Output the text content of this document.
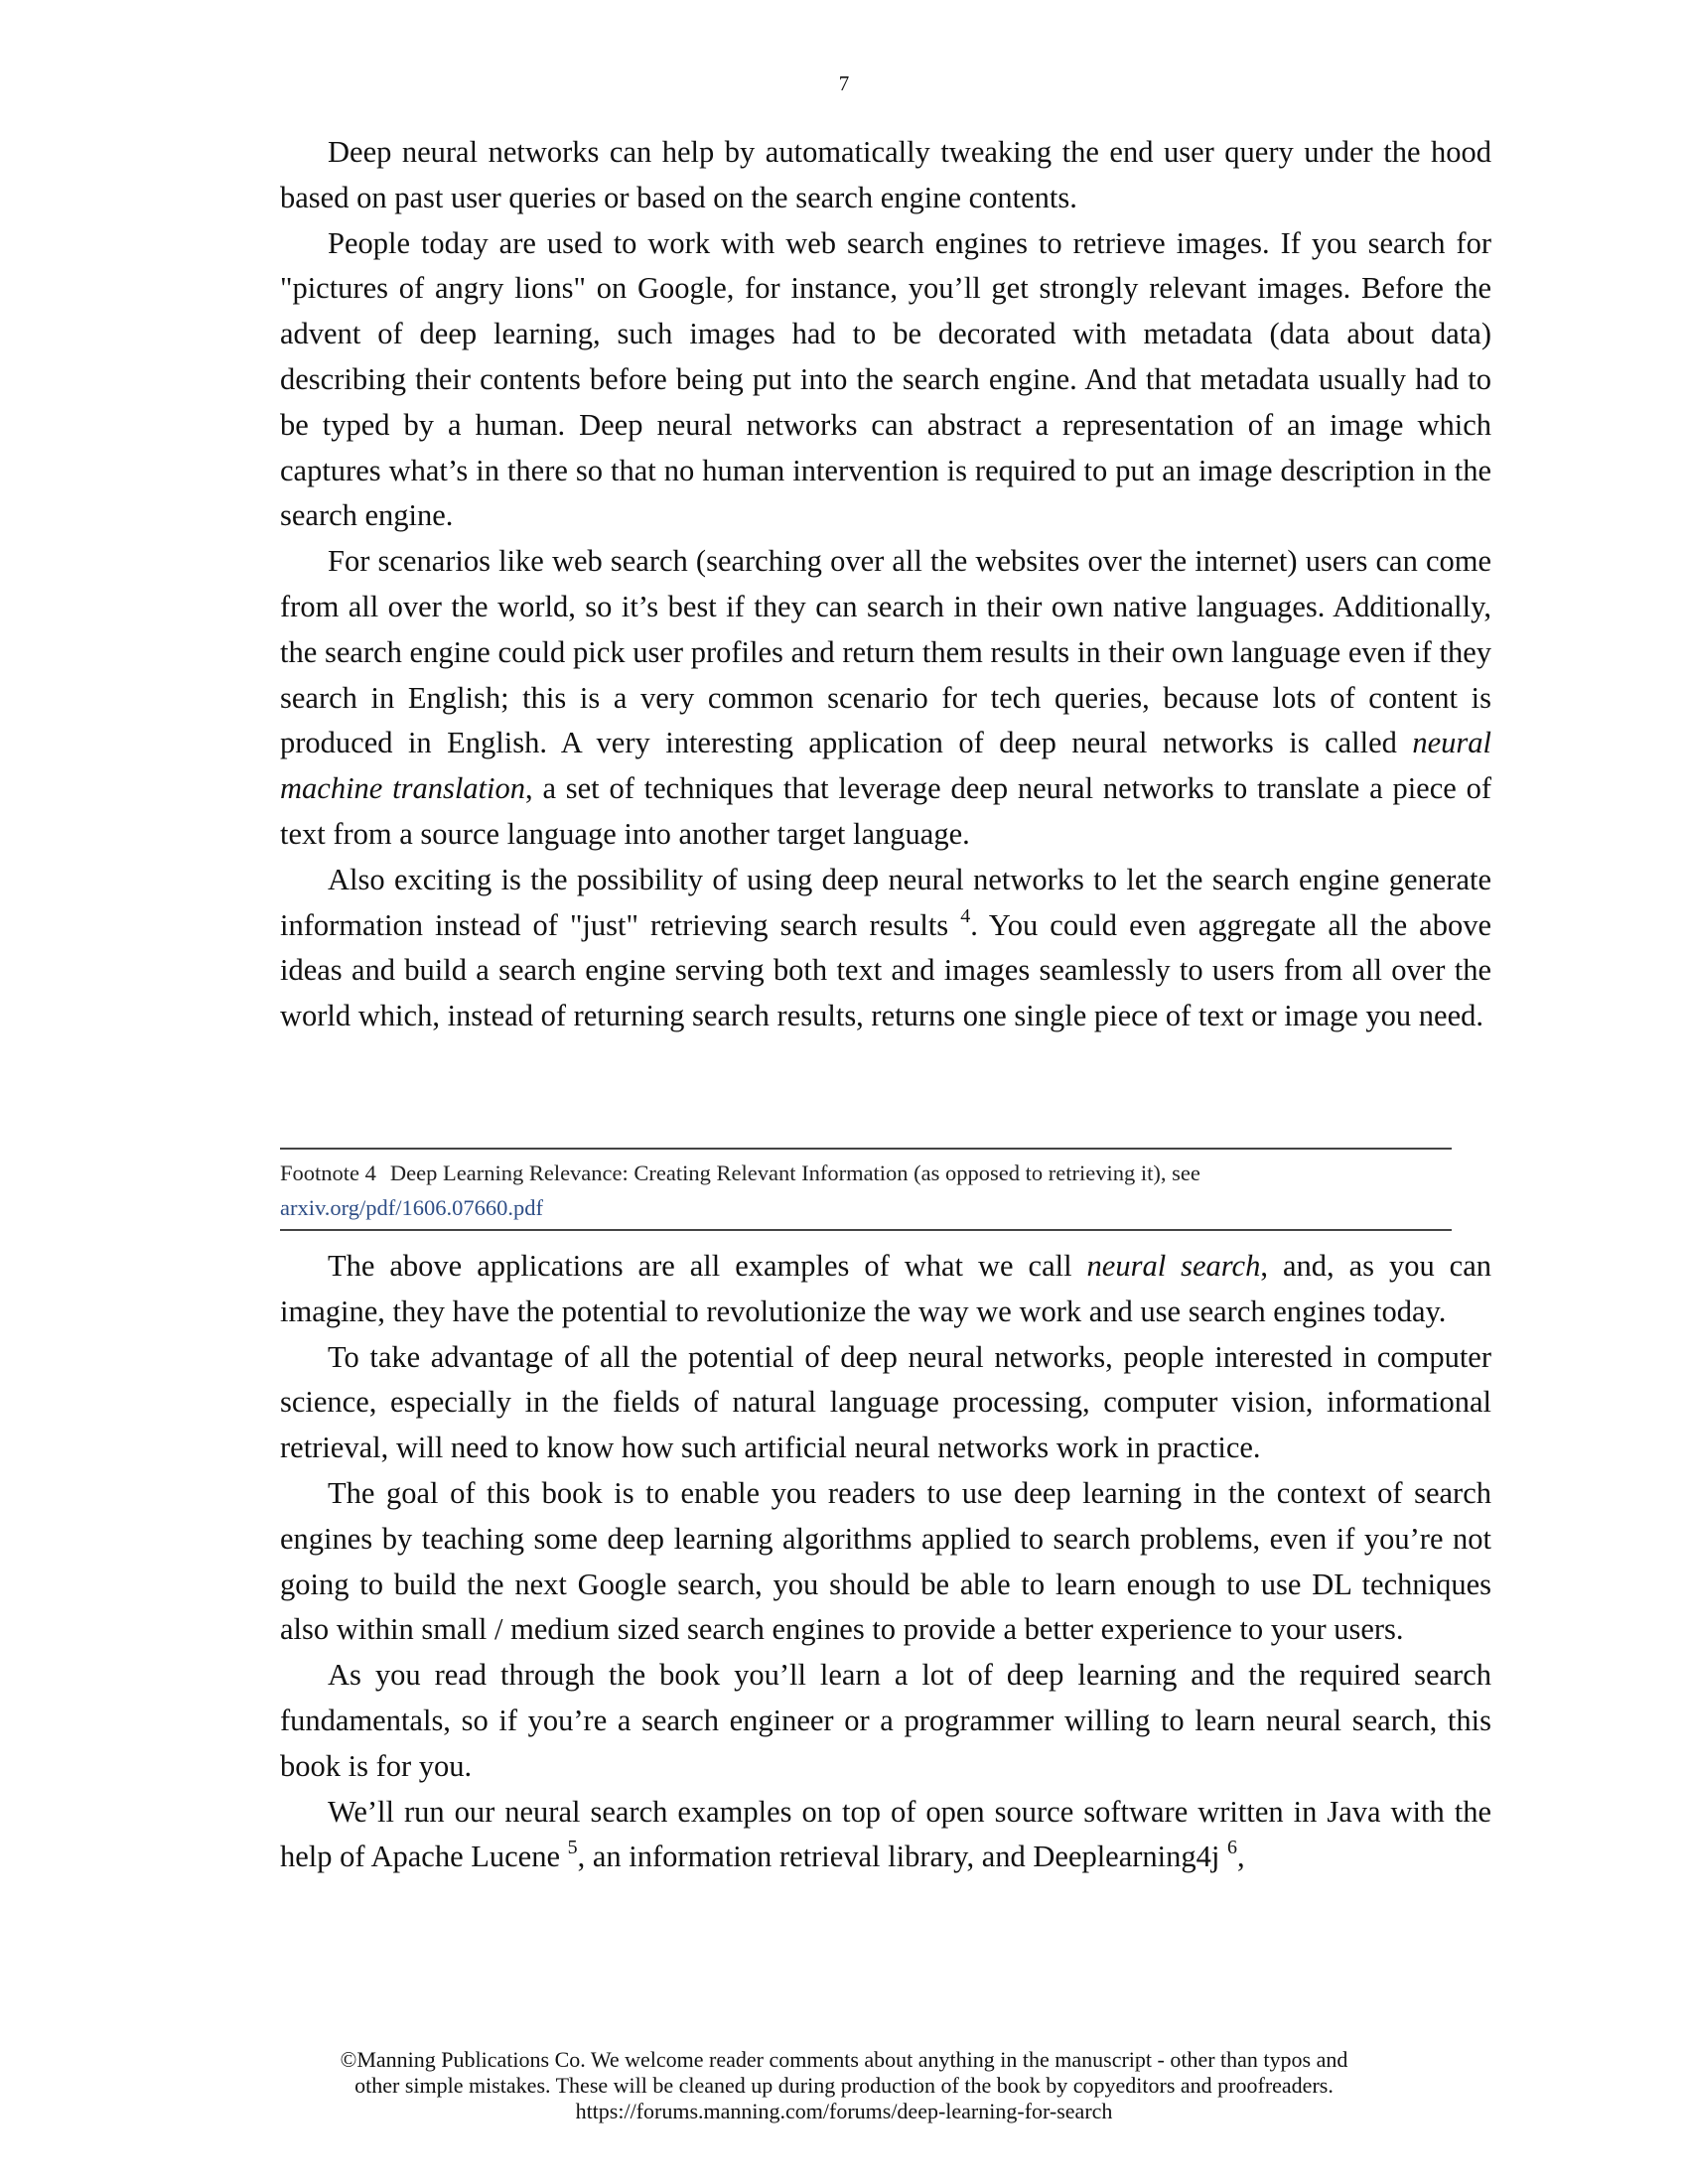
7

Deep neural networks can help by automatically tweaking the end user query under the hood based on past user queries or based on the search engine contents.

People today are used to work with web search engines to retrieve images. If you search for "pictures of angry lions" on Google, for instance, you’ll get strongly relevant images. Before the advent of deep learning, such images had to be decorated with metadata (data about data) describing their contents before being put into the search engine. And that metadata usually had to be typed by a human. Deep neural networks can abstract a representation of an image which captures what’s in there so that no human intervention is required to put an image description in the search engine.

For scenarios like web search (searching over all the websites over the internet) users can come from all over the world, so it’s best if they can search in their own native languages. Additionally, the search engine could pick user profiles and return them results in their own language even if they search in English; this is a very common scenario for tech queries, because lots of content is produced in English. A very interesting application of deep neural networks is called neural machine translation, a set of techniques that leverage deep neural networks to translate a piece of text from a source language into another target language.

Also exciting is the possibility of using deep neural networks to let the search engine generate information instead of "just" retrieving search results $^4$. You could even aggregate all the above ideas and build a search engine serving both text and images seamlessly to users from all over the world which, instead of returning search results, returns one single piece of text or image you need.

Footnote 4 Deep Learning Relevance: Creating Relevant Information (as opposed to retrieving it), see
arxiv.org/pdf/1606.07660.pdf

The above applications are all examples of what we call neural search, and, as you can imagine, they have the potential to revolutionize the way we work and use search engines today.

To take advantage of all the potential of deep neural networks, people interested in computer science, especially in the fields of natural language processing, computer vision, informational retrieval, will need to know how such artificial neural networks work in practice.

The goal of this book is to enable you readers to use deep learning in the context of search engines by teaching some deep learning algorithms applied to search problems, even if you’re not going to build the next Google search, you should be able to learn enough to use DL techniques also within small / medium sized search engines to provide a better experience to your users.

As you read through the book you’ll learn a lot of deep learning and the required search fundamentals, so if you’re a search engineer or a programmer willing to learn neural search, this book is for you.

We’ll run our neural search examples on top of open source software written in Java with the help of Apache Lucene $^5$, an information retrieval library, and Deeplearning4j $^6$,

©Manning Publications Co. We welcome reader comments about anything in the manuscript - other than typos and
other simple mistakes. These will be cleaned up during production of the book by copyeditors and proofreaders.
https://forums.manning.com/forums/deep-learning-for-search
